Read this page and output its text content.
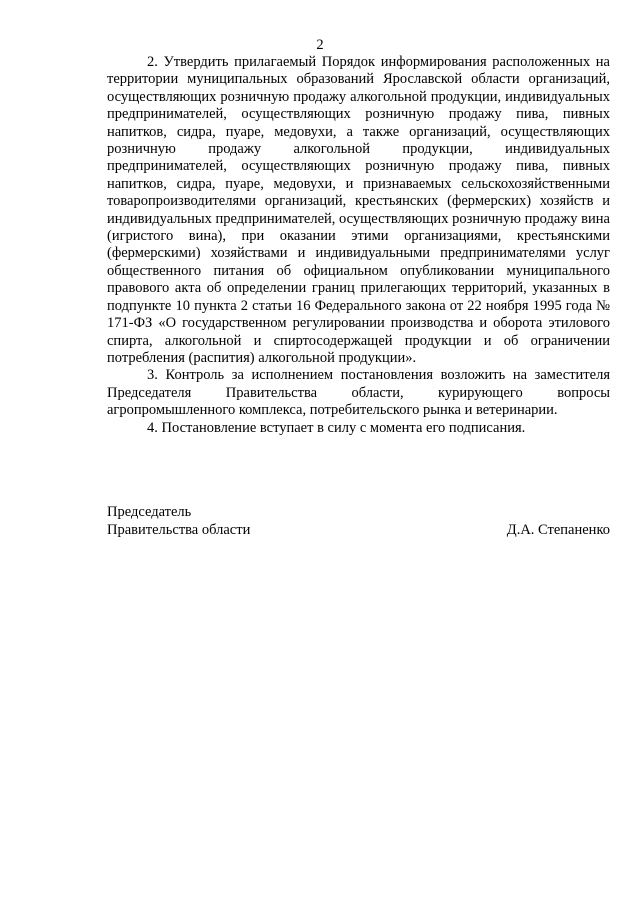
2

2. Утвердить прилагаемый Порядок информирования расположенных на территории муниципальных образований Ярославской области организаций, осуществляющих розничную продажу алкогольной продукции, индивидуальных предпринимателей, осуществляющих розничную продажу пива, пивных напитков, сидра, пуаре, медовухи, а также организаций, осуществляющих розничную продажу алкогольной продукции, индивидуальных предпринимателей, осуществляющих розничную продажу пива, пивных напитков, сидра, пуаре, медовухи, и признаваемых сельскохозяйственными товаропроизводителями организаций, крестьянских (фермерских) хозяйств и индивидуальных предпринимателей, осуществляющих розничную продажу вина (игристого вина), при оказании этими организациями, крестьянскими (фермерскими) хозяйствами и индивидуальными предпринимателями услуг общественного питания об официальном опубликовании муниципального правового акта об определении границ прилегающих территорий, указанных в подпункте 10 пункта 2 статьи 16 Федерального закона от 22 ноября 1995 года № 171-ФЗ «О государственном регулировании производства и оборота этилового спирта, алкогольной и спиртосодержащей продукции и об ограничении потребления (распития) алкогольной продукции».

3. Контроль за исполнением постановления возложить на заместителя Председателя Правительства области, курирующего вопросы агропромышленного комплекса, потребительского рынка и ветеринарии.

4. Постановление вступает в силу с момента его подписания.

Председатель
Правительства области	Д.А. Степаненко
